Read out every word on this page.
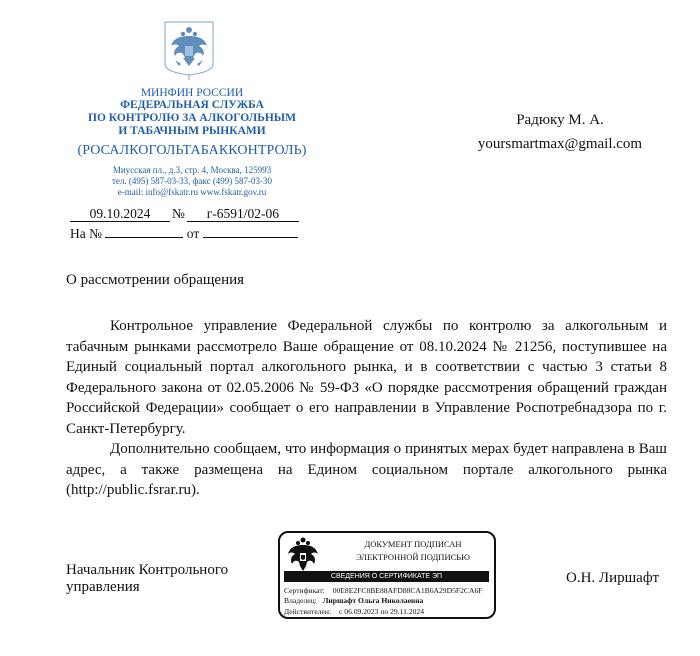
МИНФИН РОССИИ
ФЕДЕРАЛЬНАЯ СЛУЖБА
ПО КОНТРОЛЮ ЗА АЛКОГОЛЬНЫМ
И ТАБАЧНЫМ РЫНКАМИ
(РОСАЛКОГОЛЬТАБАККОНТРОЛЬ)
Миусская пл., д.3, стр. 4, Москва, 125993
тел. (495) 587-03-33, факс (499) 587-03-30
e-mail: info@fskatr.ru www.fskatr.gov.ru
09.10.2024 № г-6591/02-06
На №	от
Радюку М. А.
yoursmartmax@gmail.com
О рассмотрении обращения

Контрольное управление Федеральной службы по контролю за алкогольным и табачным рынками рассмотрело Ваше обращение от 08.10.2024 № 21256, поступившее на Единый социальный портал алкогольного рынка, и в соответствии с частью 3 статьи 8 Федерального закона от 02.05.2006 № 59-ФЗ «О порядке рассмотрения обращений граждан Российской Федерации» сообщает о его направлении в Управление Роспотребнадзора по г. Санкт-Петербургу.

Дополнительно сообщаем, что информация о принятых мерах будет направлена в Ваш адрес, а также размещена на Едином социальном портале алкогольного рынка (http://public.fsrar.ru).

Начальник Контрольного управления
О.Н. Лиршафт
ДОКУМЕНТ ПОДПИСАН
ЭЛЕКТРОННОЙ ПОДПИСЬЮ
СВЕДЕНИЯ О СЕРТИФИКАТЕ ЭП
Сертификат: 00E8E2FC8BE88AFD88CA1B6A29D5F2CA6F
Владелец: Лиршафт Ольга Николаевна
Действителен: с 06.09.2023 по 29.11.2024
